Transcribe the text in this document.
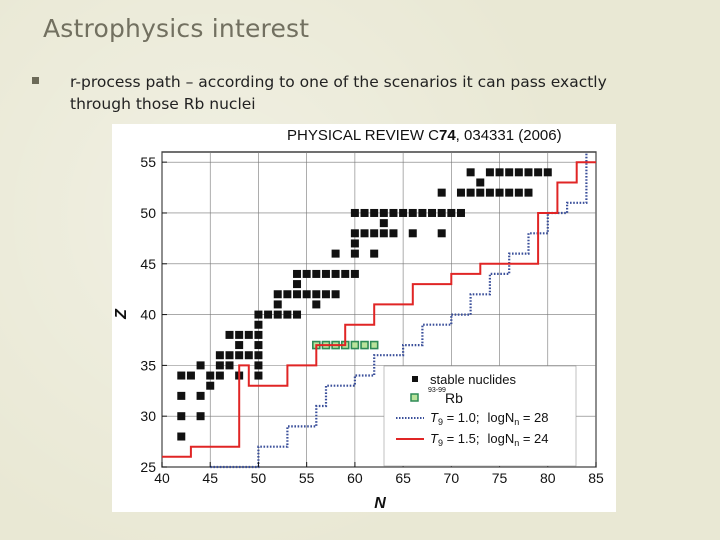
Astrophysics interest
r-process path – according to one of the scenarios it can pass exactly through those Rb nuclei
PHYSICAL REVIEW C74, 034331 (2006)
40 45 50 55 60 65 70 75 80 85
25
30
35
40
45
50
55
N
Z
stable nuclides
93-99 Rb
$T_9 = 1.0$; logN$_n$ = 28
$T_9 = 1.5$; logN$_n$ = 24
